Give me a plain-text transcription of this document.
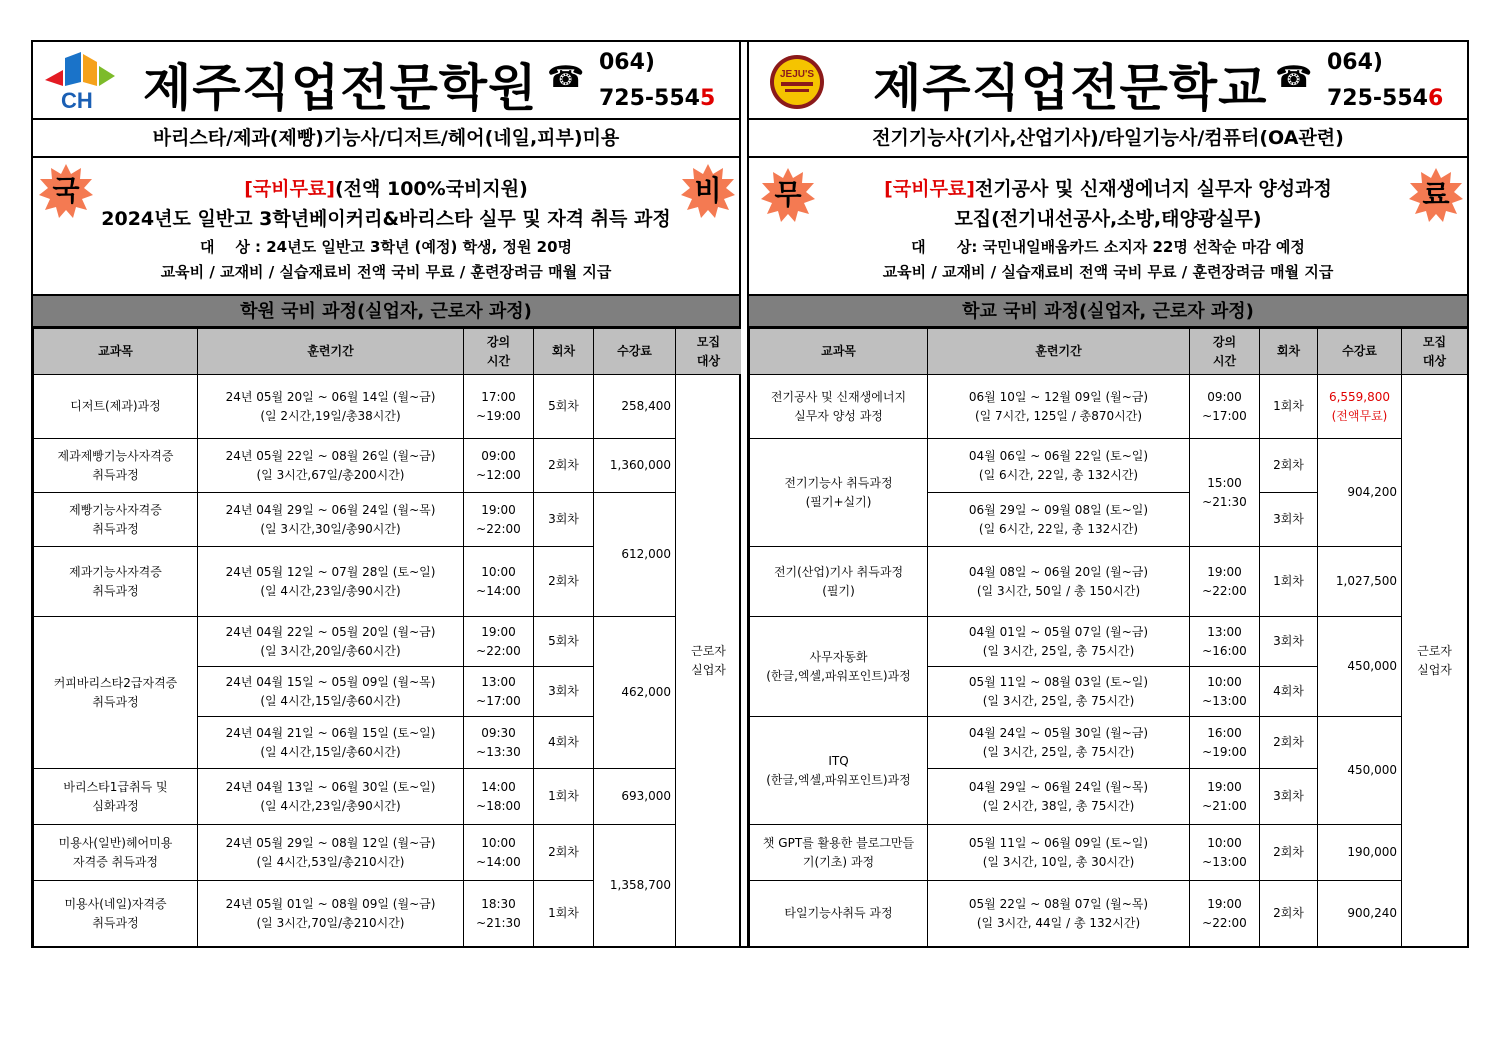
CH 제주직업전문학원 ☎ 064)
725-5545
바리스타/제과(제빵)기능사/디저트/헤어(네일,피부)미용
국	비
[국비무료](전액 100%국비지원)
2024년도 일반고 3학년베이커리&바리스타 실무 및 자격 취득 과정
대    상 : 24년도 일반고 3학년 (예정) 학생, 정원 20명
교육비 / 교재비 / 실습재료비 전액 국비 무료 / 훈련장려금 매월 지급
학원 국비 과정(실업자, 근로자 과정)
교과목	훈련기간	강의
시간	회차	수강료	모집
대상
디저트(제과)과정	24년 05월 20일 ~ 06월 14일 (월~금)
(일 2시간,19일/총38시간)	17:00
~19:00	5회차	258,400	근로자
실업자
제과제빵기능사자격증
취득과정	24년 05월 22일 ~ 08월 26일 (월~금)
(일 3시간,67일/총200시간)	09:00
~12:00	2회차	1,360,000	
제빵기능사자격증
취득과정	24년 04월 29일 ~ 06월 24일 (월~목)
(일 3시간,30일/총90시간)	19:00
~22:00	3회차	612,000	
제과기능사자격증
취득과정	24년 05월 12일 ~ 07월 28일 (토~일)
(일 4시간,23일/총90시간)	10:00
~14:00	2회차		
커피바리스타2급자격증
취득과정	24년 04월 22일 ~ 05월 20일 (월~금)
(일 3시간,20일/총60시간)	19:00
~22:00	5회차	462,000	
	24년 04월 15일 ~ 05월 09일 (월~목)
(일 4시간,15일/총60시간)	13:00
~17:00	3회차		
	24년 04월 21일 ~ 06월 15일 (토~일)
(일 4시간,15일/총60시간)	09:30
~13:30	4회차		
바리스타1급취득 및
심화과정	24년 04월 13일 ~ 06월 30일 (토~일)
(일 4시간,23일/총90시간)	14:00
~18:00	1회차	693,000	
미용사(일반)헤어미용
자격증 취득과정	24년 05월 29일 ~ 08월 12일 (월~금)
(일 4시간,53일/총210시간)	10:00
~14:00	2회차	1,358,700	
미용사(네일)자격증
취득과정	24년 05월 01일 ~ 08월 09일 (월~금)
(일 3시간,70일/총210시간)	18:30
~21:30	1회차		
JEJU'S 제주직업전문학교 ☎ 064)
725-5546
전기기능사(기사,산업기사)/타일기능사/컴퓨터(OA관련)
무	료
[국비무료]전기공사 및 신재생에너지 실무자 양성과정
모집(전기내선공사,소방,태양광실무)
대      상: 국민내일배움카드 소지자 22명 선착순 마감 예정
교육비 / 교재비 / 실습재료비 전액 국비 무료 / 훈련장려금 매월 지급
학교 국비 과정(실업자, 근로자 과정)
교과목	훈련기간	강의
시간	회차	수강료	모집
대상
전기공사 및 신재생에너지
실무자 양성 과정	06월 10일 ~ 12월 09일 (월~금)
(일 7시간, 125일 / 총870시간)	09:00
~17:00	1회차	6,559,800
(전액무료)	근로자
실업자
전기기능사 취득과정
(필기+실기)	04월 06일 ~ 06월 22일 (토~일)
(일 6시간, 22일, 총 132시간)	15:00
~21:30	2회차	904,200	
	06월 29일 ~ 09월 08일 (토~일)
(일 6시간, 22일, 총 132시간)		3회차		
전기(산업)기사 취득과정
(필기)	04월 08일 ~ 06월 20일 (월~금)
(일 3시간, 50일 / 총 150시간)	19:00
~22:00	1회차	1,027,500	
사무자동화
(한글,엑셀,파워포인트)과정	04월 01일 ~ 05월 07일 (월~금)
(일 3시간, 25일, 총 75시간)	13:00
~16:00	3회차	450,000	
	05월 11일 ~ 08월 03일 (토~일)
(일 3시간, 25일, 총 75시간)	10:00
~13:00	4회차		
ITQ
(한글,엑셀,파워포인트)과정	04월 24일 ~ 05월 30일 (월~금)
(일 3시간, 25일, 총 75시간)	16:00
~19:00	2회차	450,000	
	04월 29일 ~ 06월 24일 (월~목)
(일 2시간, 38일, 총 75시간)	19:00
~21:00	3회차		
챗 GPT를 활용한 블로그만들
기(기초) 과정	05월 11일 ~ 06월 09일 (토~일)
(일 3시간, 10일, 총 30시간)	10:00
~13:00	2회차	190,000	
타일기능사취득 과정	05월 22일 ~ 08월 07일 (월~목)
(일 3시간, 44일 / 총 132시간)	19:00
~22:00	2회차	900,240	
